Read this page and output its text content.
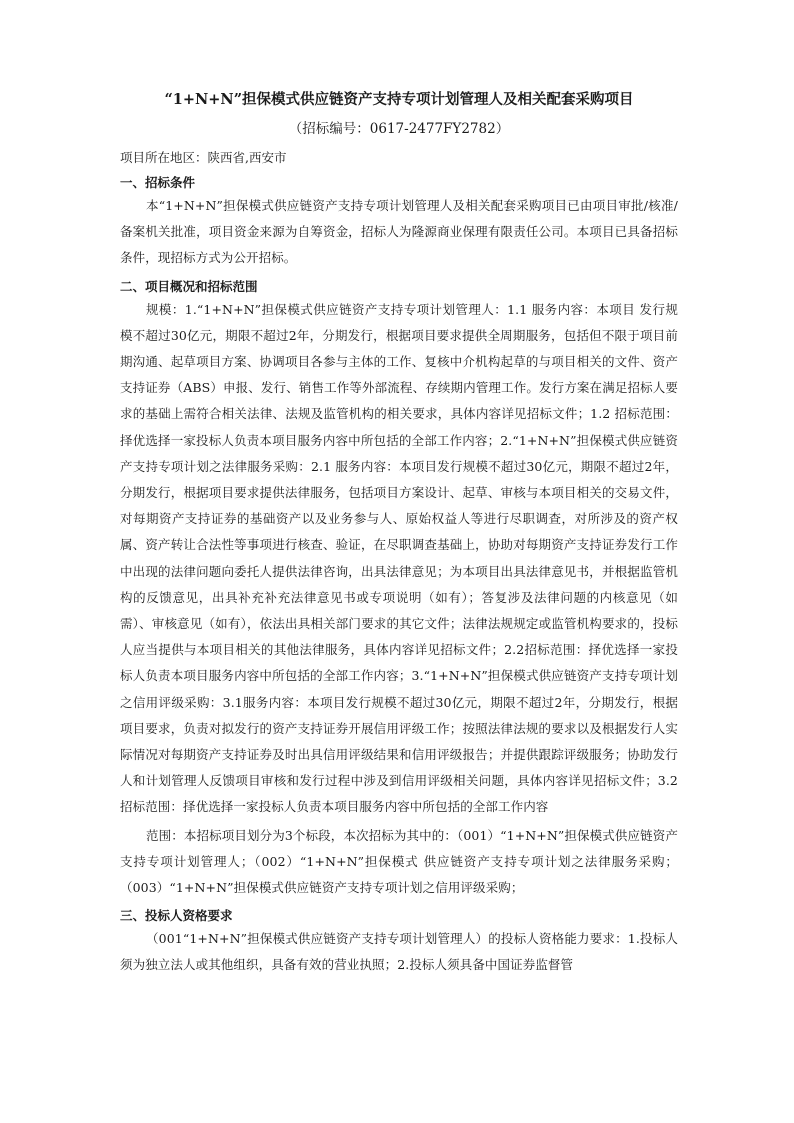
“1+N+N”担保模式供应链资产支持专项计划管理人及相关配套采购项目
（招标编号：0617-2477FY2782）
项目所在地区：陕西省,西安市
一、招标条件

本“1+N+N”担保模式供应链资产支持专项计划管理人及相关配套采购项目已由项目审批/核准/备案机关批准，项目资金来源为自筹资金，招标人为隆源商业保理有限责任公司。本项目已具备招标条件，现招标方式为公开招标。

二、项目概况和招标范围

规模：1.“1+N+N”担保模式供应链资产支持专项计划管理人：1.1 服务内容：本项目 发行规模不超过30亿元，期限不超过2年，分期发行，根据项目要求提供全周期服务，包括但不限于项目前期沟通、起草项目方案、协调项目各参与主体的工作、复核中介机构起草的与项目相关的文件、资产支持证券（ABS）申报、发行、销售工作等外部流程、存续期内管理工作。发行方案在满足招标人要求的基础上需符合相关法律、法规及监管机构的相关要求，具体内容详见招标文件；1.2 招标范围：择优选择一家投标人负责本项目服务内容中所包括的全部工作内容；2.“1+N+N”担保模式供应链资产支持专项计划之法律服务采购：2.1 服务内容：本项目发行规模不超过30亿元，期限不超过2年，分期发行，根据项目要求提供法律服务，包括项目方案设计、起草、审核与本项目相关的交易文件，对每期资产支持证券的基础资产以及业务参与人、原始权益人等进行尽职调查，对所涉及的资产权属、资产转让合法性等事项进行核查、验证，在尽职调查基础上，协助对每期资产支持证券发行工作中出现的法律问题向委托人提供法律咨询，出具法律意见；为本项目出具法律意见书，并根据监管机构的反馈意见，出具补充补充法律意见书或专项说明（如有）；答复涉及法律问题的内核意见（如需）、审核意见（如有），依法出具相关部门要求的其它文件；法律法规规定或监管机构要求的，投标人应当提供与本项目相关的其他法律服务，具体内容详见招标文件；2.2招标范围：择优选择一家投标人负责本项目服务内容中所包括的全部工作内容；3.“1+N+N”担保模式供应链资产支持专项计划之信用评级采购：3.1服务内容：本项目发行规模不超过30亿元，期限不超过2年，分期发行，根据项目要求，负责对拟发行的资产支持证券开展信用评级工作；按照法律法规的要求以及根据发行人实际情况对每期资产支持证券及时出具信用评级结果和信用评级报告；并提供跟踪评级服务；协助发行人和计划管理人反馈项目审核和发行过程中涉及到信用评级相关问题，具体内容详见招标文件；3.2招标范围：择优选择一家投标人负责本项目服务内容中所包括的全部工作内容

范围：本招标项目划分为3个标段，本次招标为其中的：（001）“1+N+N”担保模式供应链资产支持专项计划管理人；（002）“1+N+N”担保模式 供应链资产支持专项计划之法律服务采购；（003）“1+N+N”担保模式供应链资产支持专项计划之信用评级采购；

三、投标人资格要求

（001“1+N+N”担保模式供应链资产支持专项计划管理人）的投标人资格能力要求：1.投标人须为独立法人或其他组织，具备有效的营业执照；2.投标人须具备中国证券监督管
